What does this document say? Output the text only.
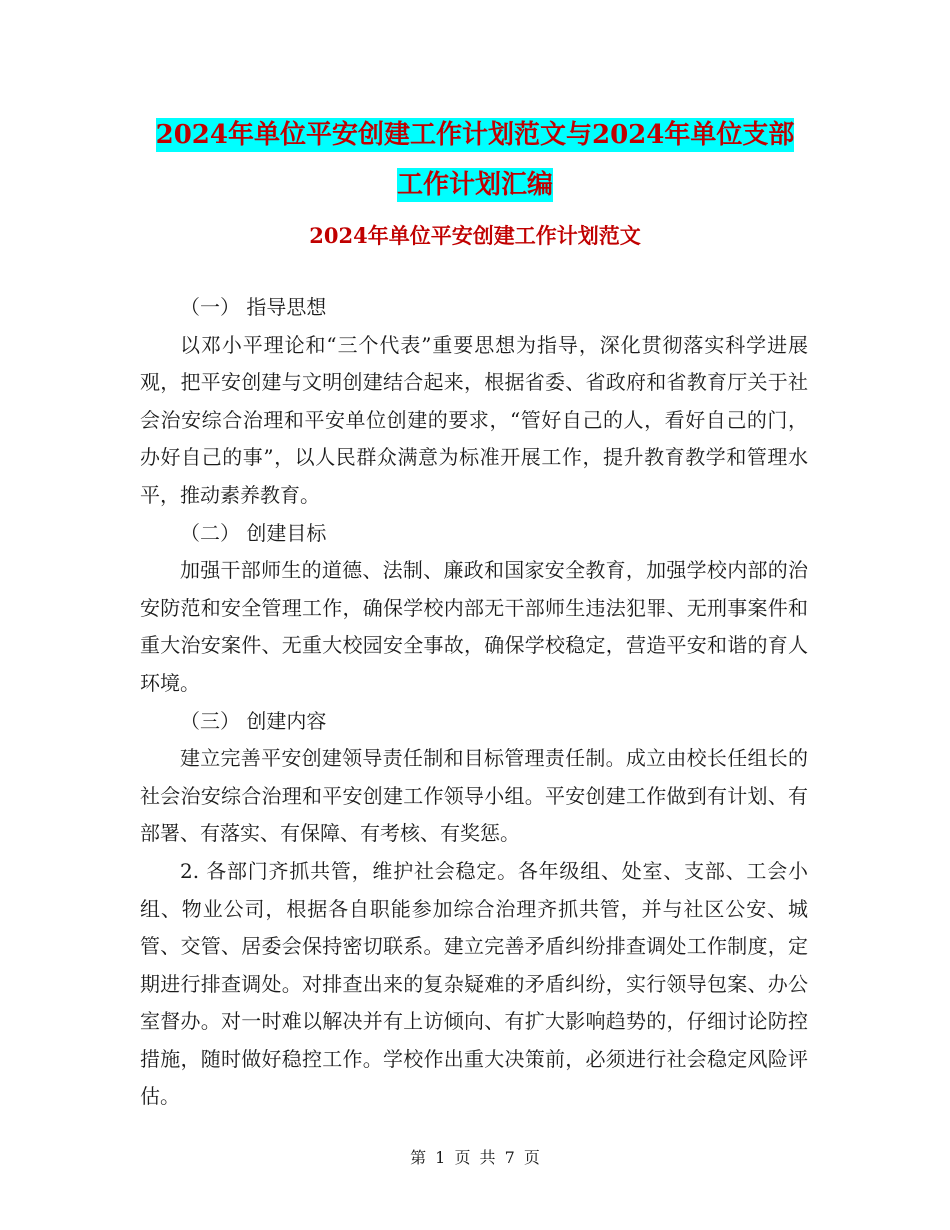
2024年单位平安创建工作计划范文与2024年单位支部
工作计划汇编
2024年单位平安创建工作计划范文

（一） 指导思想

以邓小平理论和“三个代表”重要思想为指导，深化贯彻落实科学进展观，把平安创建与文明创建结合起来，根据省委、省政府和省教育厅关于社会治安综合治理和平安单位创建的要求，“管好自己的人，看好自己的门，办好自己的事”，以人民群众满意为标准开展工作，提升教育教学和管理水平，推动素养教育。

（二） 创建目标

加强干部师生的道德、法制、廉政和国家安全教育，加强学校内部的治安防范和安全管理工作，确保学校内部无干部师生违法犯罪、无刑事案件和重大治安案件、无重大校园安全事故，确保学校稳定，营造平安和谐的育人环境。

（三） 创建内容

建立完善平安创建领导责任制和目标管理责任制。成立由校长任组长的社会治安综合治理和平安创建工作领导小组。平安创建工作做到有计划、有部署、有落实、有保障、有考核、有奖惩。

2. 各部门齐抓共管，维护社会稳定。各年级组、处室、支部、工会小组、物业公司，根据各自职能参加综合治理齐抓共管，并与社区公安、城管、交管、居委会保持密切联系。建立完善矛盾纠纷排查调处工作制度，定期进行排查调处。对排查出来的复杂疑难的矛盾纠纷，实行领导包案、办公室督办。对一时难以解决并有上访倾向、有扩大影响趋势的，仔细讨论防控措施，随时做好稳控工作。学校作出重大决策前，必须进行社会稳定风险评估。

第 1 页 共 7 页
